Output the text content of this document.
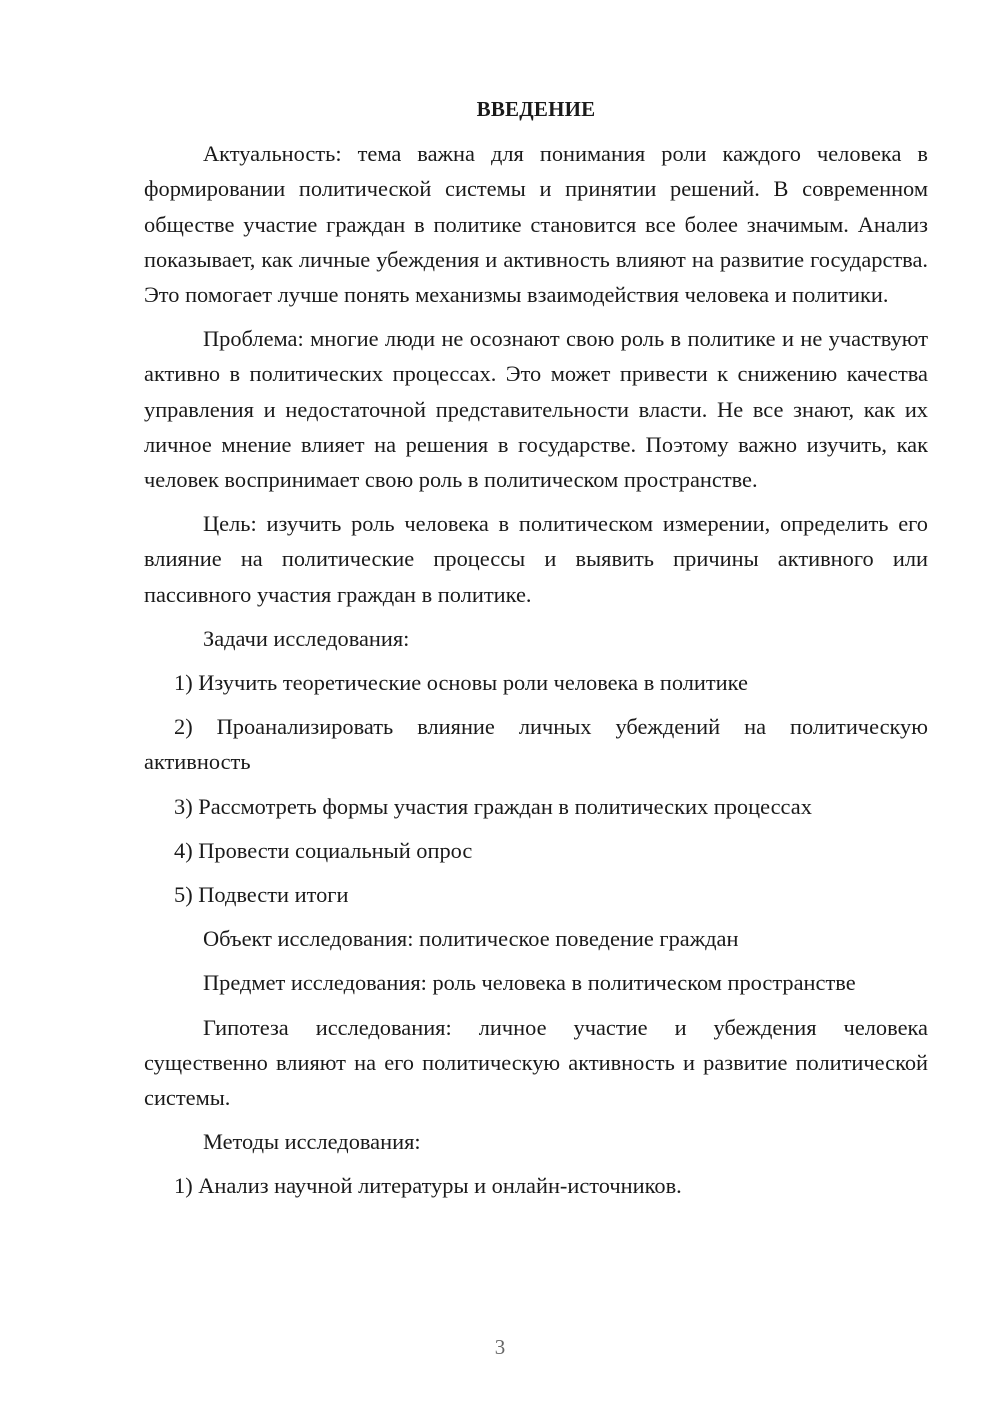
ВВЕДЕНИЕ

Актуальность: тема важна для понимания роли каждого человека в формировании политической системы и принятии решений. В современном обществе участие граждан в политике становится все более значимым. Анализ показывает, как личные убеждения и активность влияют на развитие государства. Это помогает лучше понять механизмы взаимодействия человека и политики.

Проблема: многие люди не осознают свою роль в политике и не участвуют активно в политических процессах. Это может привести к снижению качества управления и недостаточной представительности власти. Не все знают, как их личное мнение влияет на решения в государстве. Поэтому важно изучить, как человек воспринимает свою роль в политическом пространстве.

Цель: изучить роль человека в политическом измерении, определить его влияние на политические процессы и выявить причины активного или пассивного участия граждан в политике.

Задачи исследования:

1) Изучить теоретические основы роли человека в политике

2) Проанализировать влияние личных убеждений на политическую активность

3) Рассмотреть формы участия граждан в политических процессах

4) Провести социальный опрос

5) Подвести итоги

Объект исследования: политическое поведение граждан

Предмет исследования: роль человека в политическом пространстве

Гипотеза исследования: личное участие и убеждения человека существенно влияют на его политическую активность и развитие политической системы.

Методы исследования:

1) Анализ научной литературы и онлайн-источников.

3
